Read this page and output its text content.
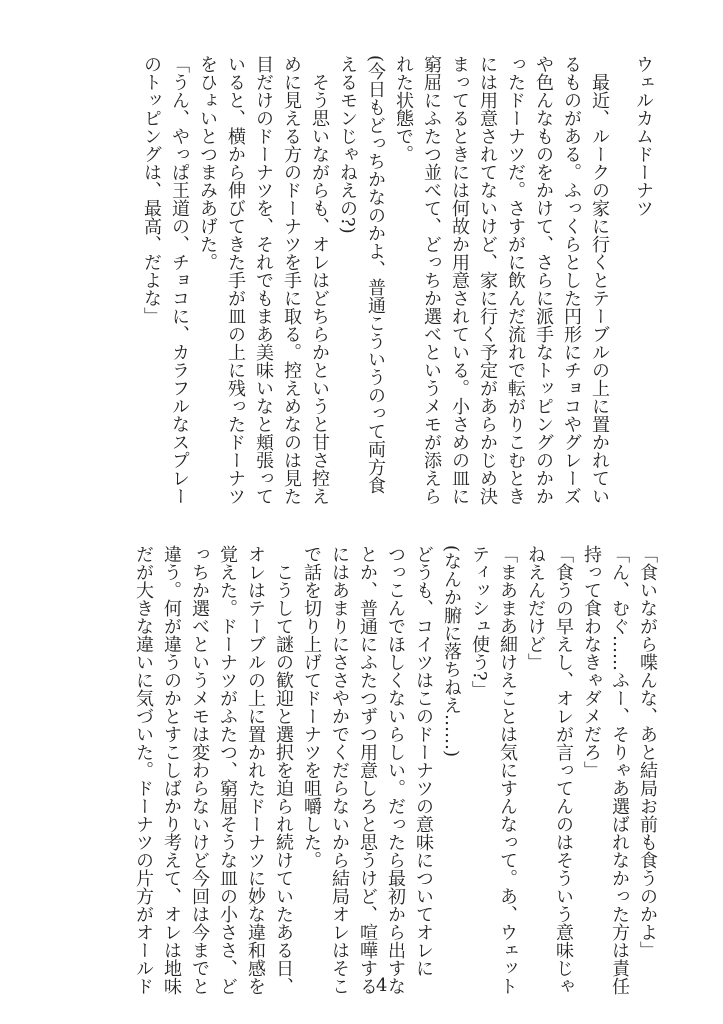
ウェルカムドーナツ
　最近、ルークの家に行くとテーブルの上に置かれてい
るものがある。ふっくらとした円形にチョコやグレーズ
や色んなものをかけて、さらに派手なトッピングのかか
ったドーナツだ。さすがに飲んだ流れで転がりこむとき
には用意されてないけど、家に行く予定があらかじめ決
まってるときには何故か用意されている。小さめの皿に
窮屈にふたつ並べて、どっちか選べというメモが添えら
れた状態で。
(今日もどっちかなのかよ、普通こういうのって両方食
えるモンじゃねえの?)
　そう思いながらも、オレはどちらかというと甘さ控え
めに見える方のドーナツを手に取る。控えめなのは見た
目だけのドーナツを、それでもまあ美味いなと頬張って
いると、横から伸びてきた手が皿の上に残ったドーナツ
をひょいとつまみあげた。
「うん、やっぱ王道の、チョコに、カラフルなスプレー
のトッピングは、最高、だよな」
「食いながら喋んな、あと結局お前も食うのかよ」
「ん、むぐ……ふー、そりゃあ選ばれなかった方は責任
持って食わなきゃダメだろ」
「食うの早えし、オレが言ってんのはそういう意味じゃ
ねえんだけど」
「まあまあ細けえことは気にすんなって。あ、ウェット
ティッシュ使う?」
(なんか腑に落ちねえ……)
どうも、コイツはこのドーナツの意味についてオレに
つっこんでほしくないらしい。だったら最初から出すな
とか、普通にふたつずつ用意しろと思うけど、喧嘩する
にはあまりにささやかでくだらないから結局オレはそこ
で話を切り上げてドーナツを咀嚼した。
　こうして謎の歓迎と選択を迫られ続けていたある日、
オレはテーブルの上に置かれたドーナツに妙な違和感を
覚えた。ドーナツがふたつ、窮屈そうな皿の小ささ、ど
っちか選べというメモは変わらないけど今回は今までと
違う。何が違うのかとすこしばかり考えて、オレは地味
だが大きな違いに気づいた。ドーナツの片方がオールド	4
